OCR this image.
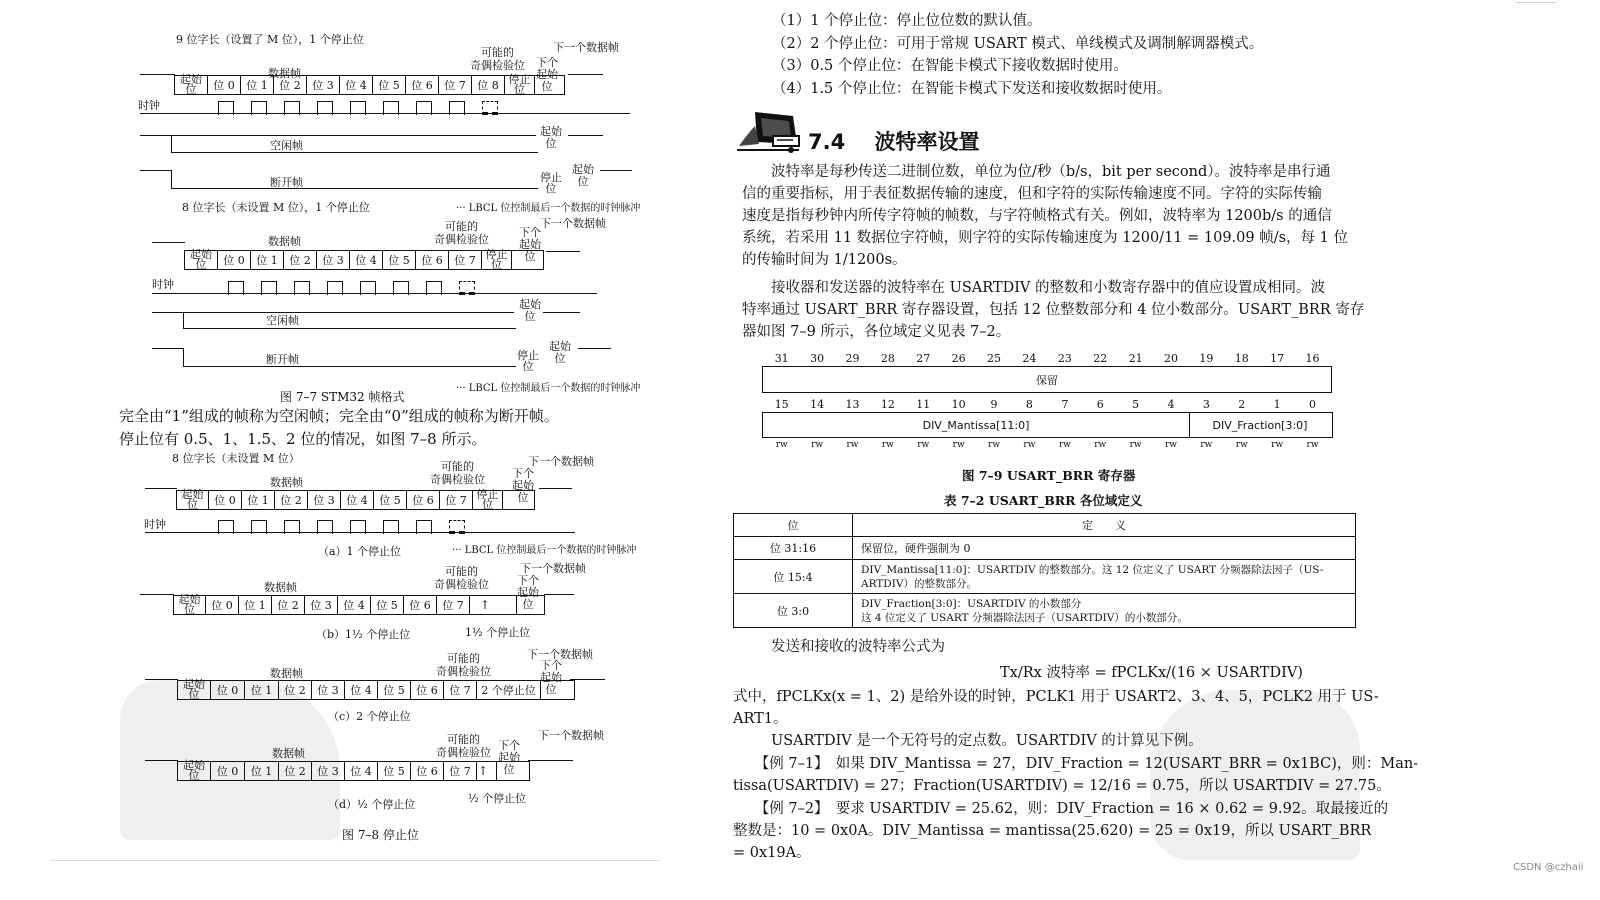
9 位字长（设置了 M 位），1 个停止位
下一个数据帧
可能的
奇偶检验位
数据帧
下个
起始
位
起始
位	位 0	位 1	位 2	位 3	位 4	位 5	位 6	位 7	位 8 停止
位
时钟
空闲帧
起始
位
断开帧	停止
位
起始
位
··· LBCL 位控制最后一个数据的时钟脉冲
8 位字长（未设置 M 位），1 个停止位
下一个数据帧
可能的
奇偶检验位
数据帧
下个
起始
位
起始
位	位 0	位 1	位 2	位 3	位 4	位 5	位 6	位 7 停止
位
时钟
空闲帧
起始
位
断开帧	停止
位
起始
位
··· LBCL 位控制最后一个数据的时钟脉冲
图 7–7 STM32 帧格式
完全由“1”组成的帧称为空闲帧；完全由“0”组成的帧称为断开帧。
停止位有 0.5、1、1.5、2 位的情况，如图 7–8 所示。
8 位字长（未设置 M 位）	下一个数据帧
可能的
奇偶检验位
数据帧
下个
起始
位
起始
位	位 0	位 1	位 2	位 3	位 4	位 5	位 6	位 7 停止
位
时钟
（a）1 个停止位	··· LBCL 位控制最后一个数据的时钟脉冲
下一个数据帧
可能的
奇偶检验位
数据帧
下个
起始
位
起始
位	位 0	位 1	位 2	位 3	位 4	位 5	位 6	位 7	↑
（b）1½ 个停止位	1½ 个停止位
下一个数据帧
可能的
奇偶检验位
数据帧
下个
起始
位
起始
位	位 0	位 1	位 2	位 3	位 4	位 5	位 6	位 7 2 个停止位
（c）2 个停止位
下一个数据帧
可能的
奇偶检验位
数据帧
下个
起始
位
起始
位	位 0	位 1	位 2	位 3	位 4	位 5	位 6	位 7 ↑
（d）½ 个停止位	½ 个停止位
图 7–8 停止位
（1）1 个停止位：停止位位数的默认值。
（2）2 个停止位：可用于常规 USART 模式、单线模式及调制解调器模式。
（3）0.5 个停止位：在智能卡模式下接收数据时使用。
（4）1.5 个停止位：在智能卡模式下发送和接收数据时使用。
7.4 波特率设置
　　波特率是每秒传送二进制位数，单位为位/秒（b/s，bit per second）。波特率是串行通
信的重要指标，用于表征数据传输的速度，但和字符的实际传输速度不同。字符的实际传输
速度是指每秒钟内所传字符帧的帧数，与字符帧格式有关。例如，波特率为 1200b/s 的通信
系统，若采用 11 数据位字符帧，则字符的实际传输速度为 1200/11 = 109.09 帧/s，每 1 位
的传输时间为 1/1200s。
　　接收器和发送器的波特率在 USARTDIV 的整数和小数寄存器中的值应设置成相同。波
特率通过 USART_BRR 寄存器设置，包括 12 位整数部分和 4 位小数部分。USART_BRR 寄存
器如图 7–9 所示，各位域定义见表 7–2。
31	30	29	28	27	26	25	24	23	22	21	20	19	18	17	16
保留
15	14	13	12	11	10	9	8	7	6	5	4	3	2	1	0
DIV_Mantissa[11:0]	DIV_Fraction[3:0]
rw	rw	rw	rw	rw	rw	rw	rw	rw	rw	rw	rw	rw	rw	rw	rw
图 7–9 USART_BRR 寄存器
表 7–2 USART_BRR 各位域定义
位	定　　义
位 31:16	保留位，硬件强制为 0

位 15:4	DIV_Mantissa[11:0]：USARTDIV 的整数部分。这 12 位定义了 USART 分频器除法因子（US-
ARTDIV）的整数部分。

位 3:0	DIV_Fraction[3:0]：USARTDIV 的小数部分
这 4 位定义了 USART 分频器除法因子（USARTDIV）的小数部分。
　　发送和接收的波特率公式为
Tx/Rx 波特率 = fPCLKx/(16 × USARTDIV)
式中，fPCLKx(x = 1、2) 是给外设的时钟，PCLK1 用于 USART2、3、4、5，PCLK2 用于 US-
ART1。
　　USARTDIV 是一个无符号的定点数。USARTDIV 的计算见下例。
　　【例 7–1】　如果 DIV_Mantissa = 27，DIV_Fraction = 12(USART_BRR = 0x1BC)，则：Man-
tissa(USARTDIV) = 27；Fraction(USARTDIV) = 12/16 = 0.75，所以 USARTDIV = 27.75。
　　【例 7–2】　要求 USARTDIV = 25.62，则：DIV_Fraction = 16 × 0.62 = 9.92。取最接近的
整数是：10 = 0x0A。DIV_Mantissa = mantissa(25.620) = 25 = 0x19，所以 USART_BRR
= 0x19A。
CSDN @czhaii
